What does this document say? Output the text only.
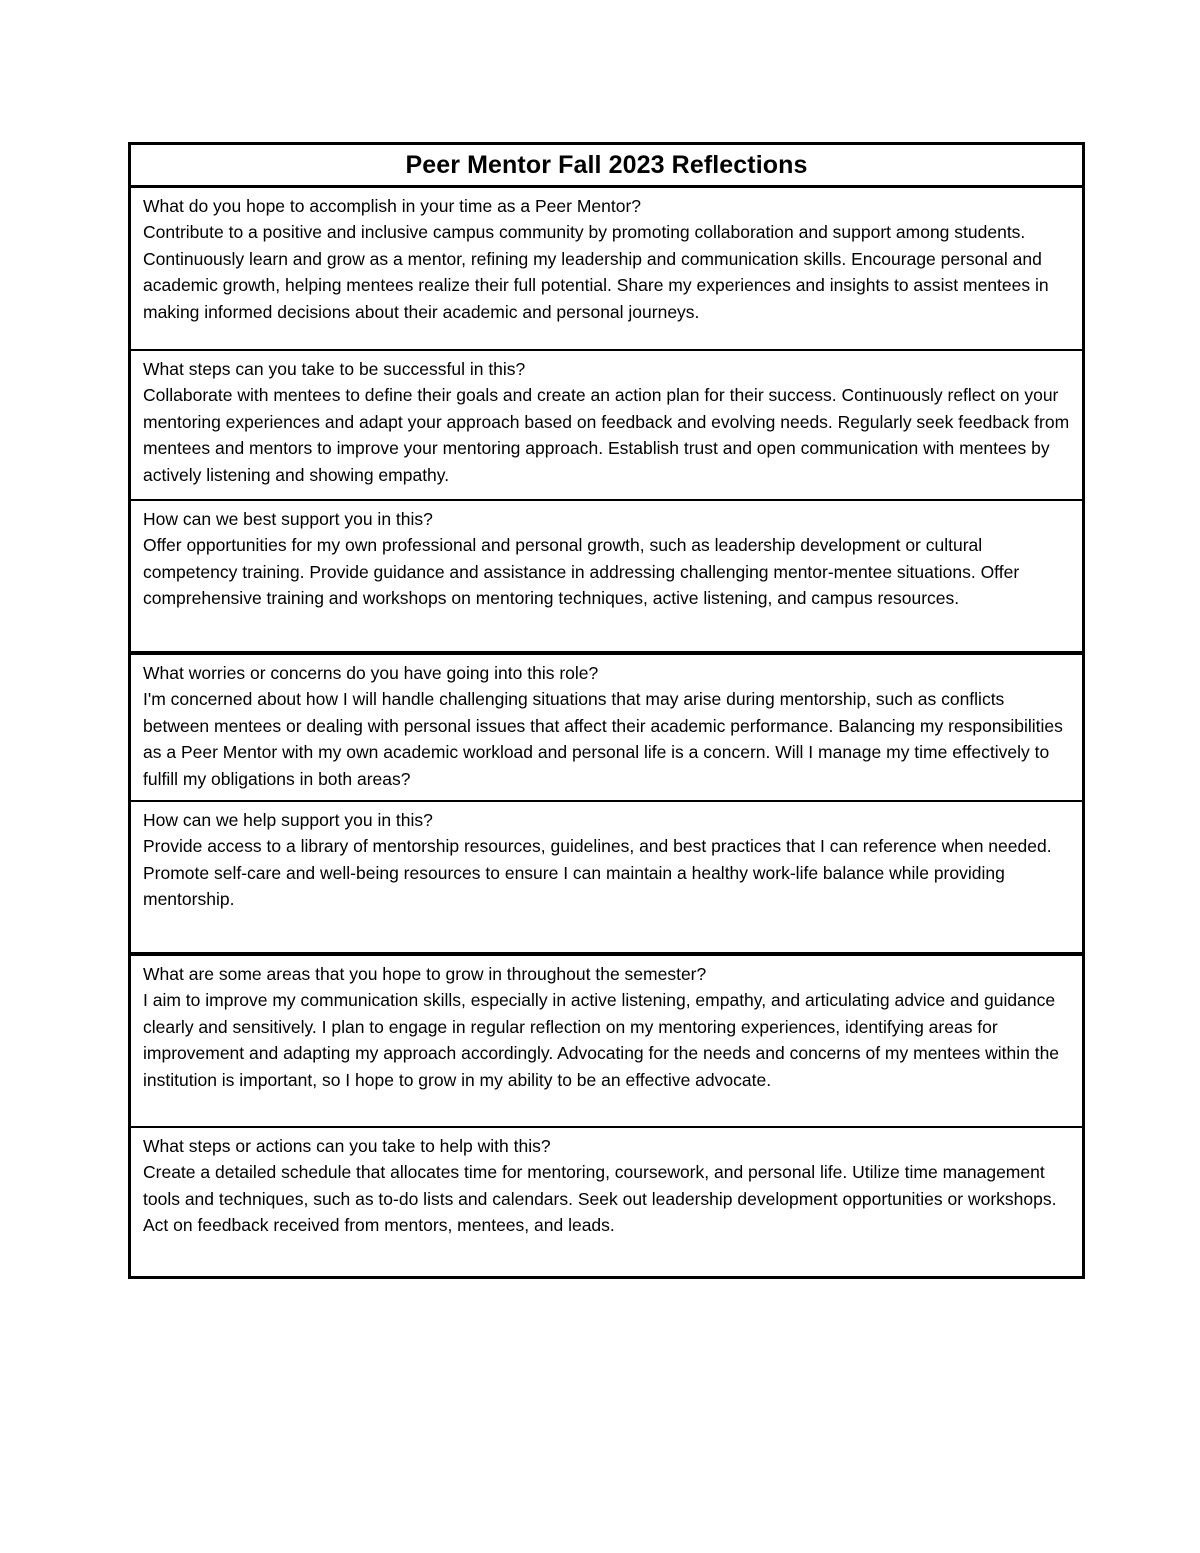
Peer Mentor Fall 2023 Reflections

What do you hope to accomplish in your time as a Peer Mentor?

Contribute to a positive and inclusive campus community by promoting collaboration and support among students. Continuously learn and grow as a mentor, refining my leadership and communication skills. Encourage personal and academic growth, helping mentees realize their full potential. Share my experiences and insights to assist mentees in making informed decisions about their academic and personal journeys.

What steps can you take to be successful in this?

Collaborate with mentees to define their goals and create an action plan for their success. Continuously reflect on your mentoring experiences and adapt your approach based on feedback and evolving needs. Regularly seek feedback from mentees and mentors to improve your mentoring approach. Establish trust and open communication with mentees by actively listening and showing empathy.

How can we best support you in this?

Offer opportunities for my own professional and personal growth, such as leadership development or cultural competency training. Provide guidance and assistance in addressing challenging mentor-mentee situations. Offer comprehensive training and workshops on mentoring techniques, active listening, and campus resources.

What worries or concerns do you have going into this role?

I'm concerned about how I will handle challenging situations that may arise during mentorship, such as conflicts between mentees or dealing with personal issues that affect their academic performance. Balancing my responsibilities as a Peer Mentor with my own academic workload and personal life is a concern. Will I manage my time effectively to fulfill my obligations in both areas?

How can we help support you in this?

Provide access to a library of mentorship resources, guidelines, and best practices that I can reference when needed. Promote self-care and well-being resources to ensure I can maintain a healthy work-life balance while providing mentorship.

What are some areas that you hope to grow in throughout the semester?

I aim to improve my communication skills, especially in active listening, empathy, and articulating advice and guidance clearly and sensitively. I plan to engage in regular reflection on my mentoring experiences, identifying areas for improvement and adapting my approach accordingly. Advocating for the needs and concerns of my mentees within the institution is important, so I hope to grow in my ability to be an effective advocate.

What steps or actions can you take to help with this?

Create a detailed schedule that allocates time for mentoring, coursework, and personal life. Utilize time management tools and techniques, such as to-do lists and calendars. Seek out leadership development opportunities or workshops. Act on feedback received from mentors, mentees, and leads.
